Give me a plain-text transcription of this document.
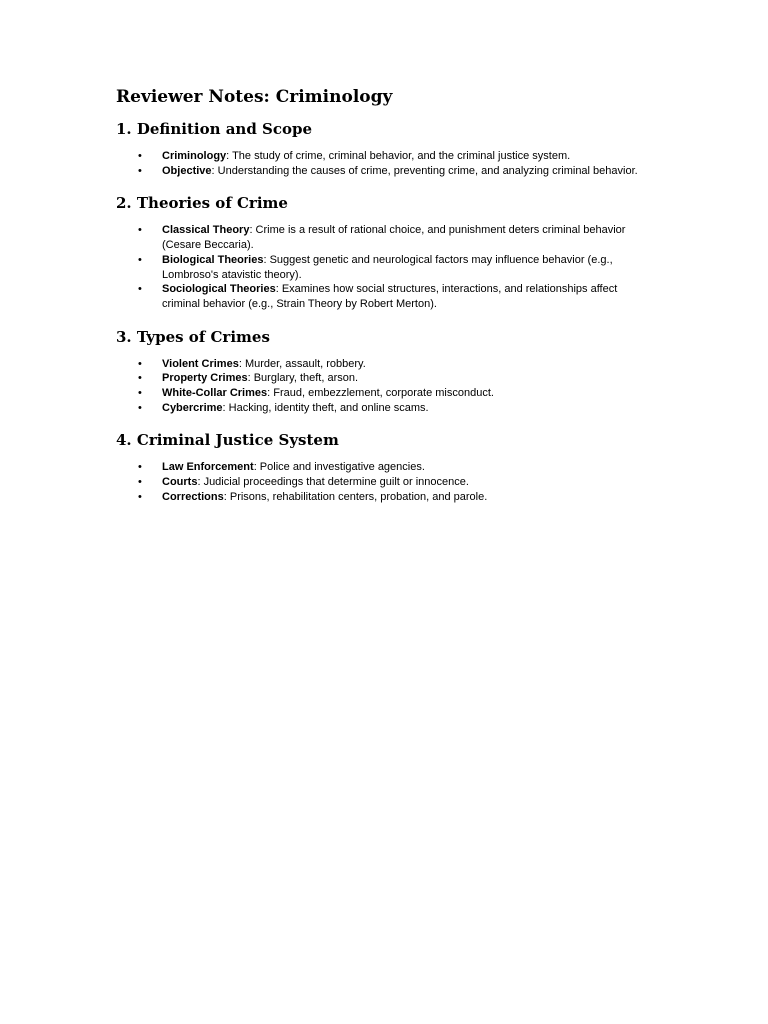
Reviewer Notes: Criminology
1. Definition and Scope
• Criminology: The study of crime, criminal behavior, and the criminal justice system.
• Objective: Understanding the causes of crime, preventing crime, and analyzing criminal behavior.
2. Theories of Crime
• Classical Theory: Crime is a result of rational choice, and punishment deters criminal behavior (Cesare Beccaria).
• Biological Theories: Suggest genetic and neurological factors may influence behavior (e.g., Lombroso's atavistic theory).
• Sociological Theories: Examines how social structures, interactions, and relationships affect criminal behavior (e.g., Strain Theory by Robert Merton).
3. Types of Crimes
• Violent Crimes: Murder, assault, robbery.
• Property Crimes: Burglary, theft, arson.
• White-Collar Crimes: Fraud, embezzlement, corporate misconduct.
• Cybercrime: Hacking, identity theft, and online scams.
4. Criminal Justice System
• Law Enforcement: Police and investigative agencies.
• Courts: Judicial proceedings that determine guilt or innocence.
• Corrections: Prisons, rehabilitation centers, probation, and parole.
